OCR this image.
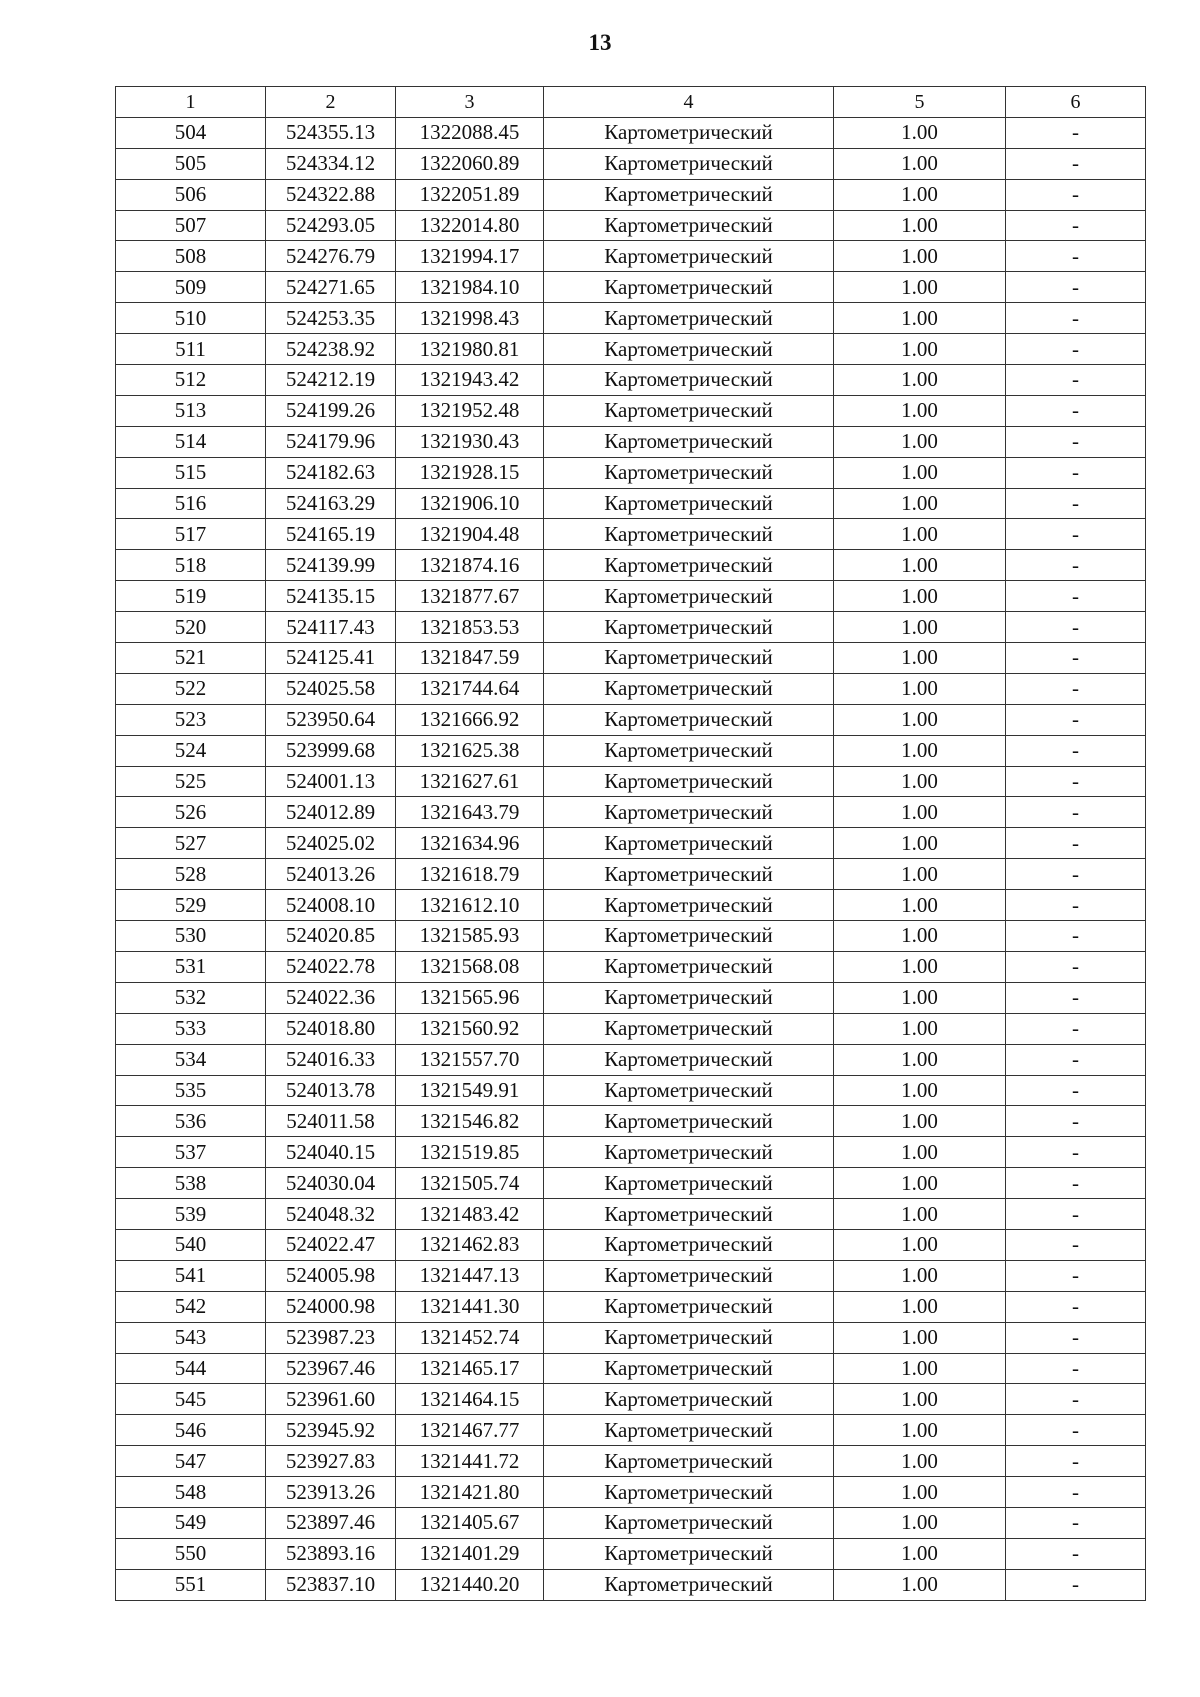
13
1	2	3	4	5	6
504	524355.13	1322088.45	Картометрический	1.00	-
505	524334.12	1322060.89	Картометрический	1.00	-
506	524322.88	1322051.89	Картометрический	1.00	-
507	524293.05	1322014.80	Картометрический	1.00	-
508	524276.79	1321994.17	Картометрический	1.00	-
509	524271.65	1321984.10	Картометрический	1.00	-
510	524253.35	1321998.43	Картометрический	1.00	-
511	524238.92	1321980.81	Картометрический	1.00	-
512	524212.19	1321943.42	Картометрический	1.00	-
513	524199.26	1321952.48	Картометрический	1.00	-
514	524179.96	1321930.43	Картометрический	1.00	-
515	524182.63	1321928.15	Картометрический	1.00	-
516	524163.29	1321906.10	Картометрический	1.00	-
517	524165.19	1321904.48	Картометрический	1.00	-
518	524139.99	1321874.16	Картометрический	1.00	-
519	524135.15	1321877.67	Картометрический	1.00	-
520	524117.43	1321853.53	Картометрический	1.00	-
521	524125.41	1321847.59	Картометрический	1.00	-
522	524025.58	1321744.64	Картометрический	1.00	-
523	523950.64	1321666.92	Картометрический	1.00	-
524	523999.68	1321625.38	Картометрический	1.00	-
525	524001.13	1321627.61	Картометрический	1.00	-
526	524012.89	1321643.79	Картометрический	1.00	-
527	524025.02	1321634.96	Картометрический	1.00	-
528	524013.26	1321618.79	Картометрический	1.00	-
529	524008.10	1321612.10	Картометрический	1.00	-
530	524020.85	1321585.93	Картометрический	1.00	-
531	524022.78	1321568.08	Картометрический	1.00	-
532	524022.36	1321565.96	Картометрический	1.00	-
533	524018.80	1321560.92	Картометрический	1.00	-
534	524016.33	1321557.70	Картометрический	1.00	-
535	524013.78	1321549.91	Картометрический	1.00	-
536	524011.58	1321546.82	Картометрический	1.00	-
537	524040.15	1321519.85	Картометрический	1.00	-
538	524030.04	1321505.74	Картометрический	1.00	-
539	524048.32	1321483.42	Картометрический	1.00	-
540	524022.47	1321462.83	Картометрический	1.00	-
541	524005.98	1321447.13	Картометрический	1.00	-
542	524000.98	1321441.30	Картометрический	1.00	-
543	523987.23	1321452.74	Картометрический	1.00	-
544	523967.46	1321465.17	Картометрический	1.00	-
545	523961.60	1321464.15	Картометрический	1.00	-
546	523945.92	1321467.77	Картометрический	1.00	-
547	523927.83	1321441.72	Картометрический	1.00	-
548	523913.26	1321421.80	Картометрический	1.00	-
549	523897.46	1321405.67	Картометрический	1.00	-
550	523893.16	1321401.29	Картометрический	1.00	-
551	523837.10	1321440.20	Картометрический	1.00	-
